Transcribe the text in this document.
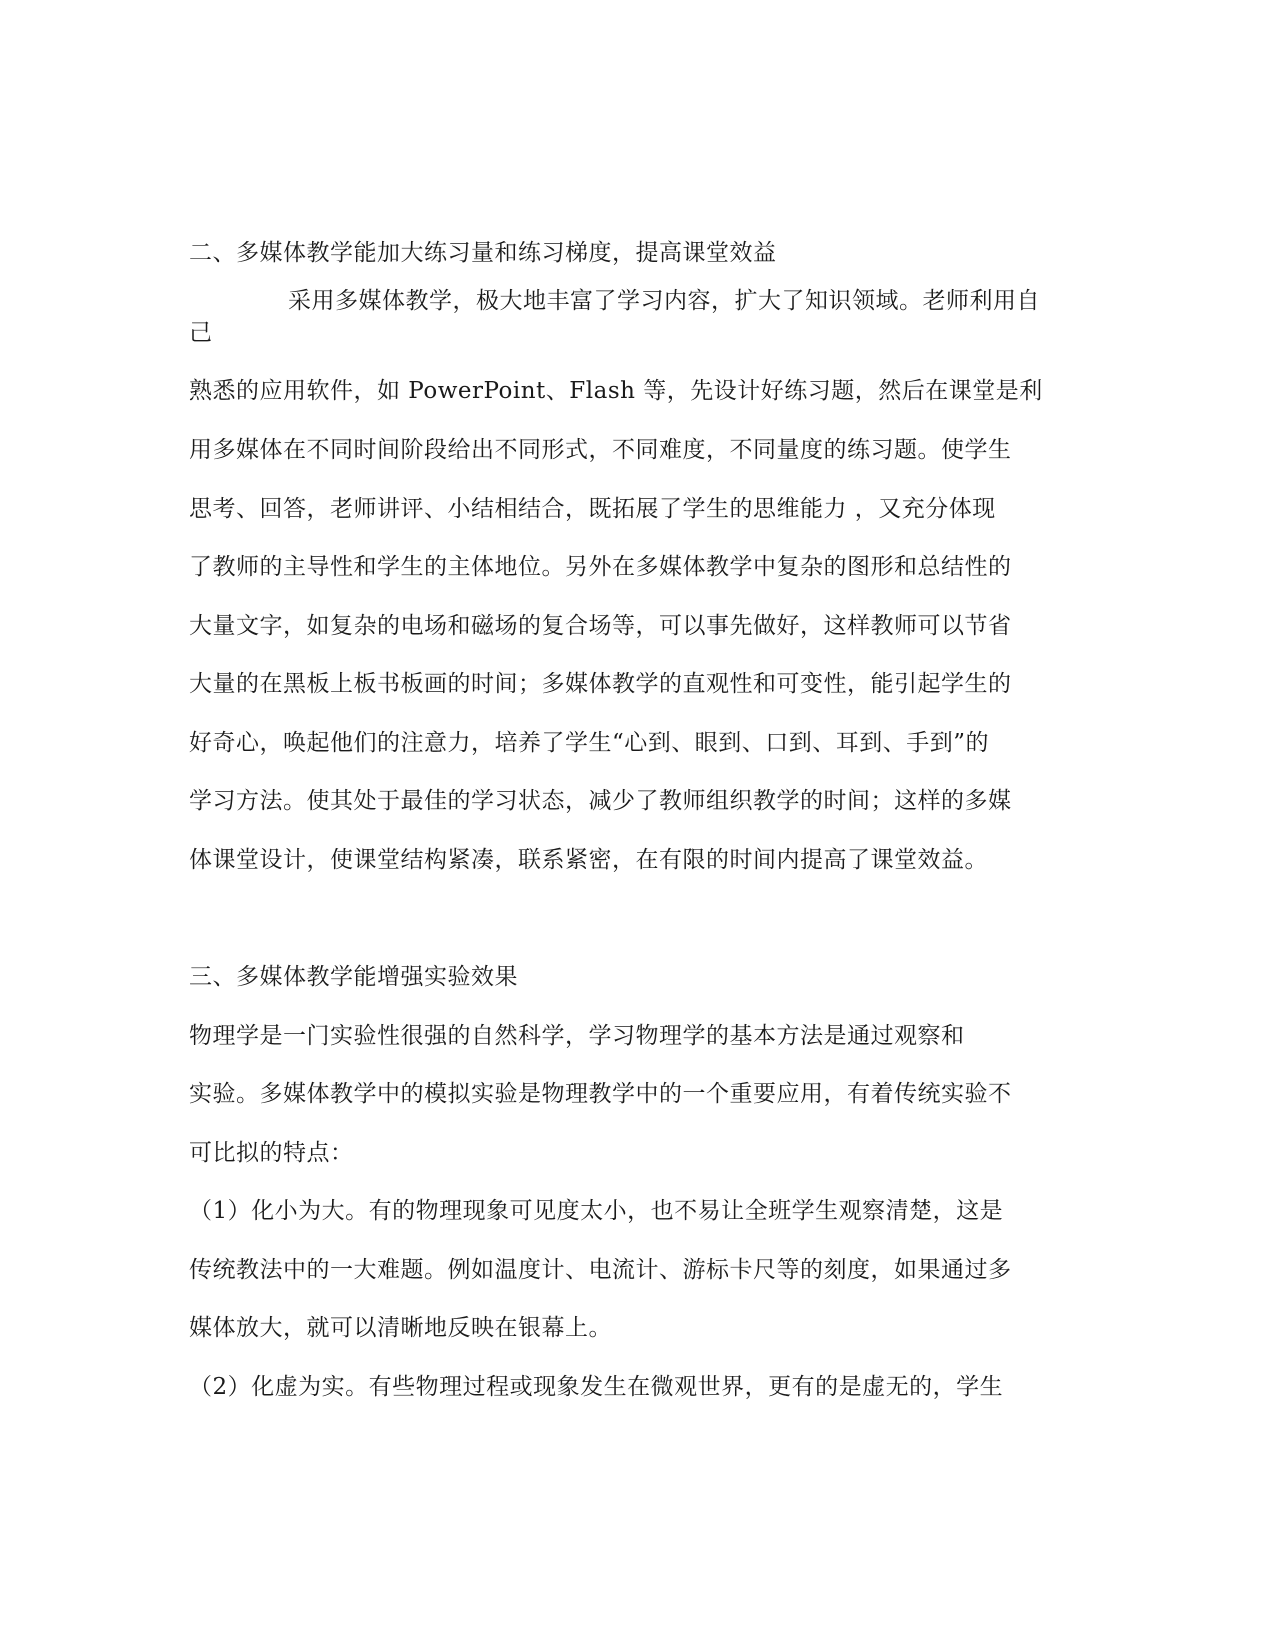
二、多媒体教学能加大练习量和练习梯度，提高课堂效益
采用多媒体教学，极大地丰富了学习内容，扩大了知识领域。老师利用自
己
熟悉的应用软件，如 PowerPoint、Flash 等，先设计好练习题，然后在课堂是利
用多媒体在不同时间阶段给出不同形式，不同难度，不同量度的练习题。使学生
思考、回答，老师讲评、小结相结合，既拓展了学生的思维能力 ，又充分体现
了教师的主导性和学生的主体地位。另外在多媒体教学中复杂的图形和总结性的
大量文字，如复杂的电场和磁场的复合场等，可以事先做好，这样教师可以节省
大量的在黑板上板书板画的时间；多媒体教学的直观性和可变性，能引起学生的
好奇心，唤起他们的注意力，培养了学生“心到、眼到、口到、耳到、手到”的
学习方法。使其处于最佳的学习状态，减少了教师组织教学的时间；这样的多媒
体课堂设计，使课堂结构紧凑，联系紧密，在有限的时间内提高了课堂效益。
三、多媒体教学能增强实验效果
物理学是一门实验性很强的自然科学，学习物理学的基本方法是通过观察和
实验。多媒体教学中的模拟实验是物理教学中的一个重要应用，有着传统实验不
可比拟的特点：
（1）化小为大。有的物理现象可见度太小，也不易让全班学生观察清楚，这是
传统教法中的一大难题。例如温度计、电流计、游标卡尺等的刻度，如果通过多
媒体放大，就可以清晰地反映在银幕上。
（2）化虚为实。有些物理过程或现象发生在微观世界，更有的是虚无的，学生
